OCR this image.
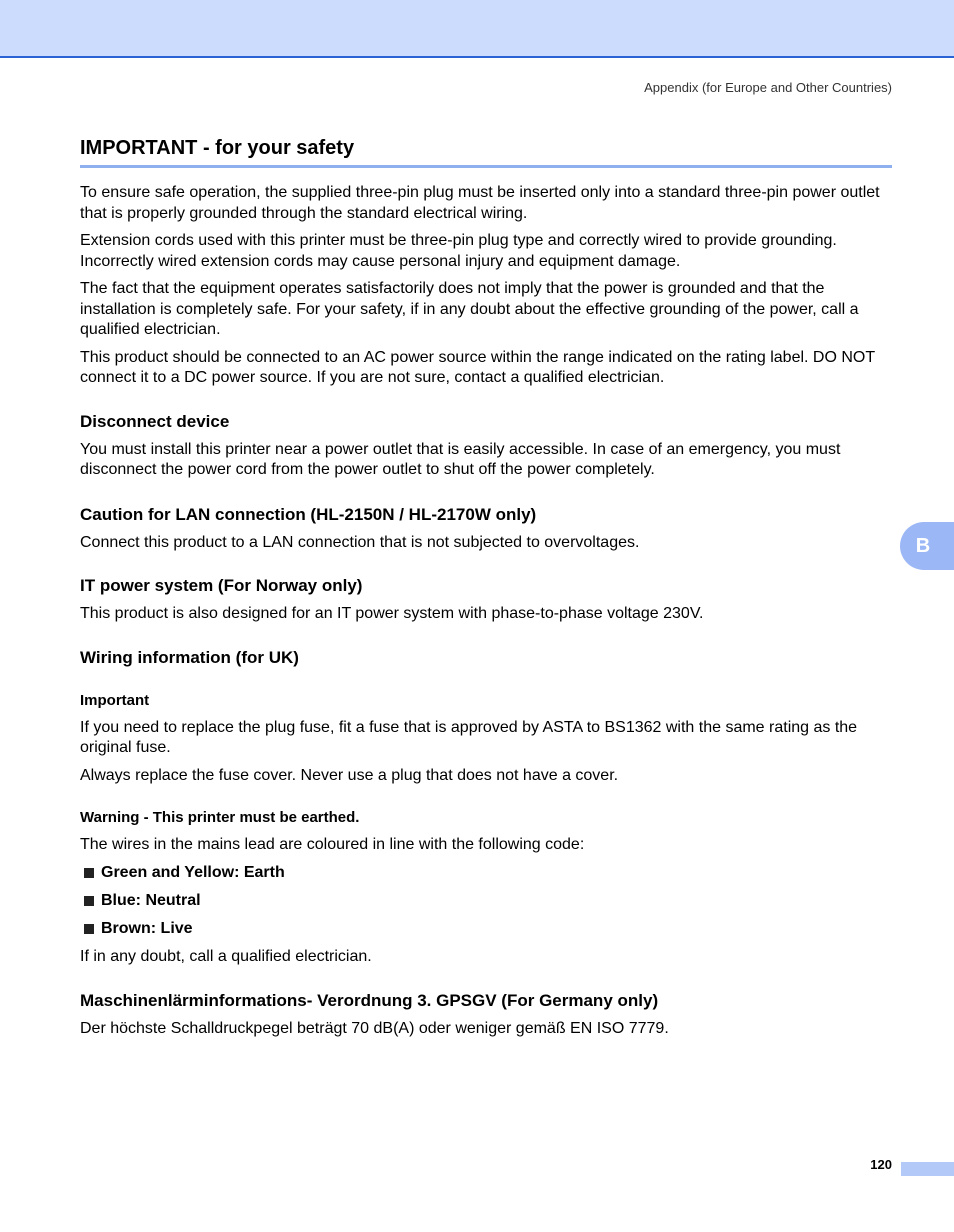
Appendix (for Europe and Other Countries)
IMPORTANT - for your safety

To ensure safe operation, the supplied three-pin plug must be inserted only into a standard three-pin power outlet that is properly grounded through the standard electrical wiring.

Extension cords used with this printer must be three-pin plug type and correctly wired to provide grounding. Incorrectly wired extension cords may cause personal injury and equipment damage.

The fact that the equipment operates satisfactorily does not imply that the power is grounded and that the installation is completely safe. For your safety, if in any doubt about the effective grounding of the power, call a qualified electrician.

This product should be connected to an AC power source within the range indicated on the rating label. DO NOT connect it to a DC power source. If you are not sure, contact a qualified electrician.

Disconnect device

You must install this printer near a power outlet that is easily accessible. In case of an emergency, you must disconnect the power cord from the power outlet to shut off the power completely.

Caution for LAN connection (HL-2150N / HL-2170W only)

Connect this product to a LAN connection that is not subjected to overvoltages.

IT power system (For Norway only)

This product is also designed for an IT power system with phase-to-phase voltage 230V.

Wiring information (for UK)
Important

If you need to replace the plug fuse, fit a fuse that is approved by ASTA to BS1362 with the same rating as the original fuse.

Always replace the fuse cover. Never use a plug that does not have a cover.

Warning - This printer must be earthed.

The wires in the mains lead are coloured in line with the following code:

Green and Yellow: Earth
Blue: Neutral
Brown: Live

If in any doubt, call a qualified electrician.

Maschinenlärminformations- Verordnung 3. GPSGV (For Germany only)

Der höchste Schalldruckpegel beträgt 70 dB(A) oder weniger gemäß EN ISO 7779.

B
120
